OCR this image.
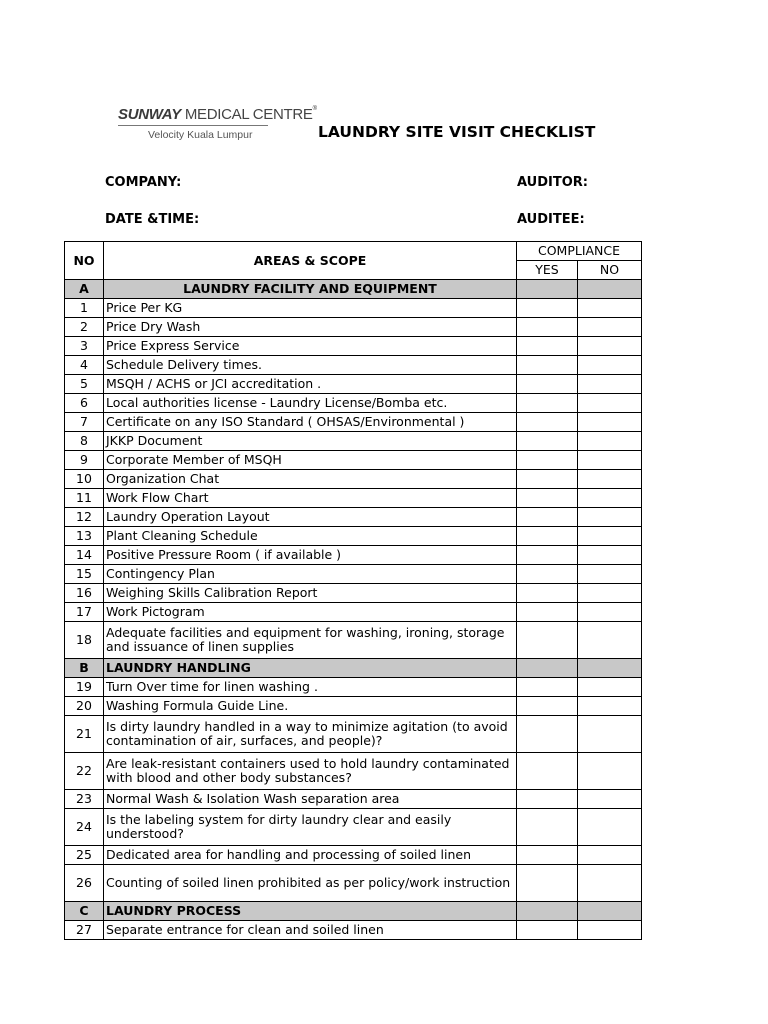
SUNWAY MEDICAL CENTRE®
Velocity Kuala Lumpur	LAUNDRY SITE VISIT CHECKLIST
COMPANY:	AUDITOR:
DATE &TIME:	AUDITEE:
NO	AREAS & SCOPE	COMPLIANCE	
		YES	NO
A	LAUNDRY FACILITY AND EQUIPMENT		
1	Price Per KG		
2	Price Dry Wash		
3	Price Express Service		
4	Schedule Delivery times.		
5	MSQH / ACHS or JCI accreditation .		
6	Local authorities license - Laundry License/Bomba etc.		
7	Certificate on any ISO Standard ( OHSAS/Environmental )		
8	JKKP Document		
9	Corporate Member of MSQH		
10	Organization Chat		
11	Work Flow Chart		
12	Laundry Operation Layout		
13	Plant Cleaning Schedule		
14	Positive Pressure Room ( if available )		
15	Contingency Plan		
16	Weighing Skills Calibration Report		
17	Work Pictogram		
18	Adequate facilities and equipment for washing, ironing, storage and issuance of linen supplies		
B	LAUNDRY HANDLING		
19	Turn Over time for linen washing .		
20	Washing Formula Guide Line.		
21	Is dirty laundry handled in a way to minimize agitation (to avoid contamination of air, surfaces, and people)?		
22	Are leak-resistant containers used to hold laundry contaminated with blood and other body substances?		
23	Normal Wash & Isolation Wash separation area		
24	Is the labeling system for dirty laundry clear and easily understood?		
25	Dedicated area for handling and processing of soiled linen		
26	Counting of soiled linen prohibited as per policy/work instruction		
C	LAUNDRY PROCESS		
27	Separate entrance for clean and soiled linen		
